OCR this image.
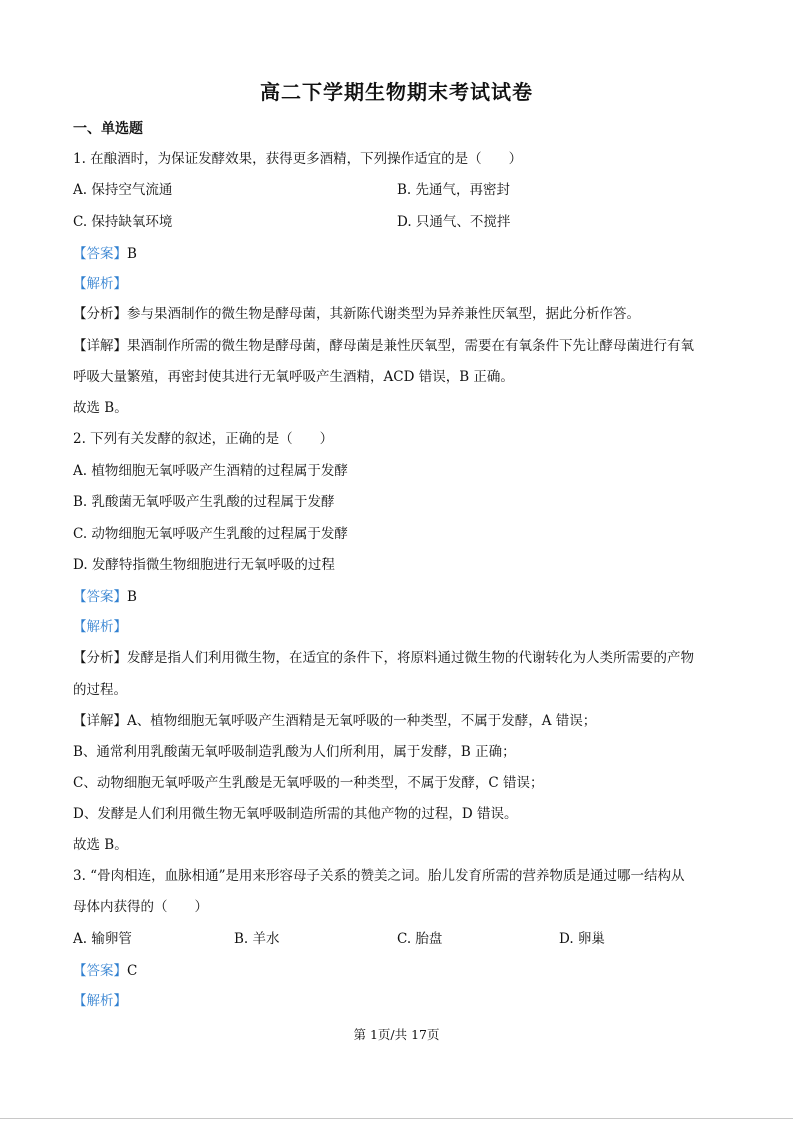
高二下学期生物期末考试试卷
一、单选题
1. 在酿酒时，为保证发酵效果，获得更多酒精，下列操作适宜的是（　　）
A. 保持空气流通	B. 先通气，再密封
C. 保持缺氧环境	D. 只通气、不搅拌
【答案】B
【解析】
【分析】参与果酒制作的微生物是酵母菌，其新陈代谢类型为异养兼性厌氧型，据此分析作答。
【详解】果酒制作所需的微生物是酵母菌，酵母菌是兼性厌氧型，需要在有氧条件下先让酵母菌进行有氧
呼吸大量繁殖，再密封使其进行无氧呼吸产生酒精，ACD 错误，B 正确。
故选 B。
2. 下列有关发酵的叙述，正确的是（　　）
A. 植物细胞无氧呼吸产生酒精的过程属于发酵
B. 乳酸菌无氧呼吸产生乳酸的过程属于发酵
C. 动物细胞无氧呼吸产生乳酸的过程属于发酵
D. 发酵特指微生物细胞进行无氧呼吸的过程
【答案】B
【解析】
【分析】发酵是指人们利用微生物，在适宜的条件下，将原料通过微生物的代谢转化为人类所需要的产物
的过程。
【详解】A、植物细胞无氧呼吸产生酒精是无氧呼吸的一种类型，不属于发酵，A 错误；
B、通常利用乳酸菌无氧呼吸制造乳酸为人们所利用，属于发酵，B 正确；
C、动物细胞无氧呼吸产生乳酸是无氧呼吸的一种类型，不属于发酵，C 错误；
D、发酵是人们利用微生物无氧呼吸制造所需的其他产物的过程，D 错误。
故选 B。
3. “骨肉相连，血脉相通”是用来形容母子关系的赞美之词。胎儿发育所需的营养物质是通过哪一结构从
母体内获得的（　　）
A. 输卵管	B. 羊水	C. 胎盘	D. 卵巢
【答案】C
【解析】
第 1页/共 17页
